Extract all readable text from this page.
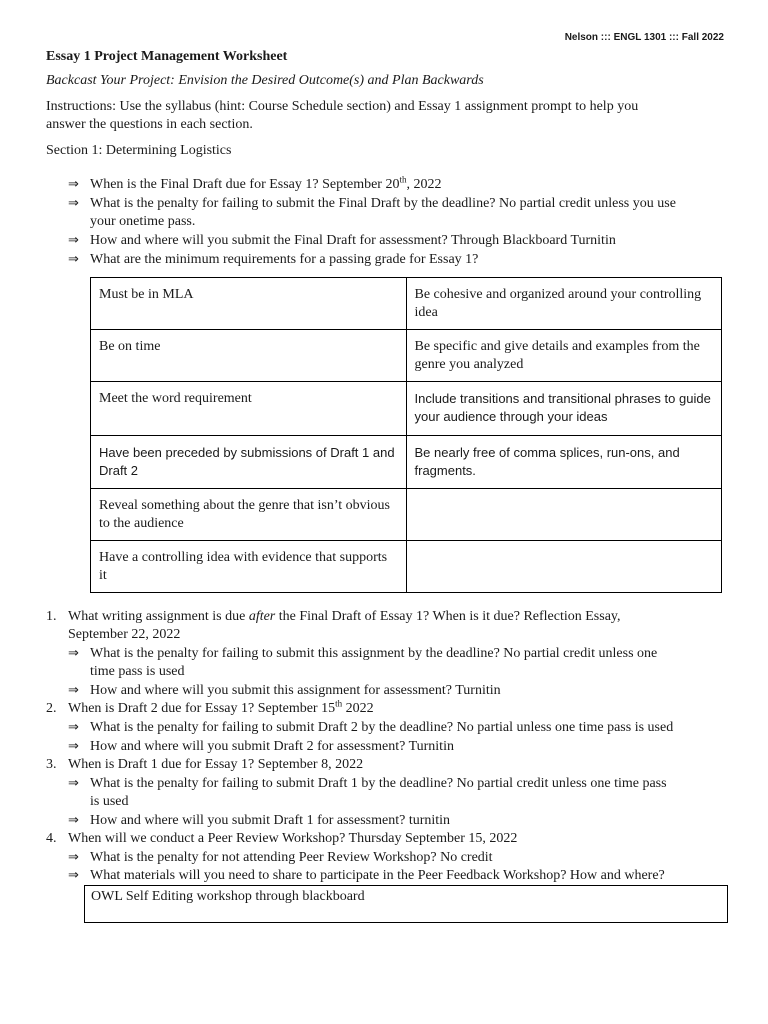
Nelson ::: ENGL 1301 ::: Fall 2022
Essay 1 Project Management Worksheet
Backcast Your Project: Envision the Desired Outcome(s) and Plan Backwards
Instructions: Use the syllabus (hint: Course Schedule section) and Essay 1 assignment prompt to help you
answer the questions in each section.
Section 1: Determining Logistics
⇒ When is the Final Draft due for Essay 1? September 20th, 2022
⇒ What is the penalty for failing to submit the Final Draft by the deadline? No partial credit unless you use
your onetime pass.
⇒ How and where will you submit the Final Draft for assessment? Through Blackboard Turnitin
⇒ What are the minimum requirements for a passing grade for Essay 1?
Must be in MLA	Be cohesive and organized around your controlling idea
Be on time	Be specific and give details and examples from the genre you analyzed
Meet the word requirement	Include transitions and transitional phrases to guide your audience through your ideas
Have been preceded by submissions of Draft 1 and Draft 2	Be nearly free of comma splices, run-ons, and fragments.
Reveal something about the genre that isn’t obvious to the audience	
Have a controlling idea with evidence that supports it	
1. What writing assignment is due after the Final Draft of Essay 1? When is it due? Reflection Essay,
September 22, 2022
⇒ What is the penalty for failing to submit this assignment by the deadline? No partial credit unless one
time pass is used
⇒ How and where will you submit this assignment for assessment? Turnitin
2. When is Draft 2 due for Essay 1? September 15th 2022
⇒ What is the penalty for failing to submit Draft 2 by the deadline? No partial unless one time pass is used
⇒ How and where will you submit Draft 2 for assessment? Turnitin
3. When is Draft 1 due for Essay 1? September 8, 2022
⇒ What is the penalty for failing to submit Draft 1 by the deadline? No partial credit unless one time pass
is used
⇒ How and where will you submit Draft 1 for assessment? turnitin
4. When will we conduct a Peer Review Workshop? Thursday September 15, 2022
⇒ What is the penalty for not attending Peer Review Workshop? No credit
⇒ What materials will you need to share to participate in the Peer Feedback Workshop? How and where?
OWL Self Editing workshop through blackboard
